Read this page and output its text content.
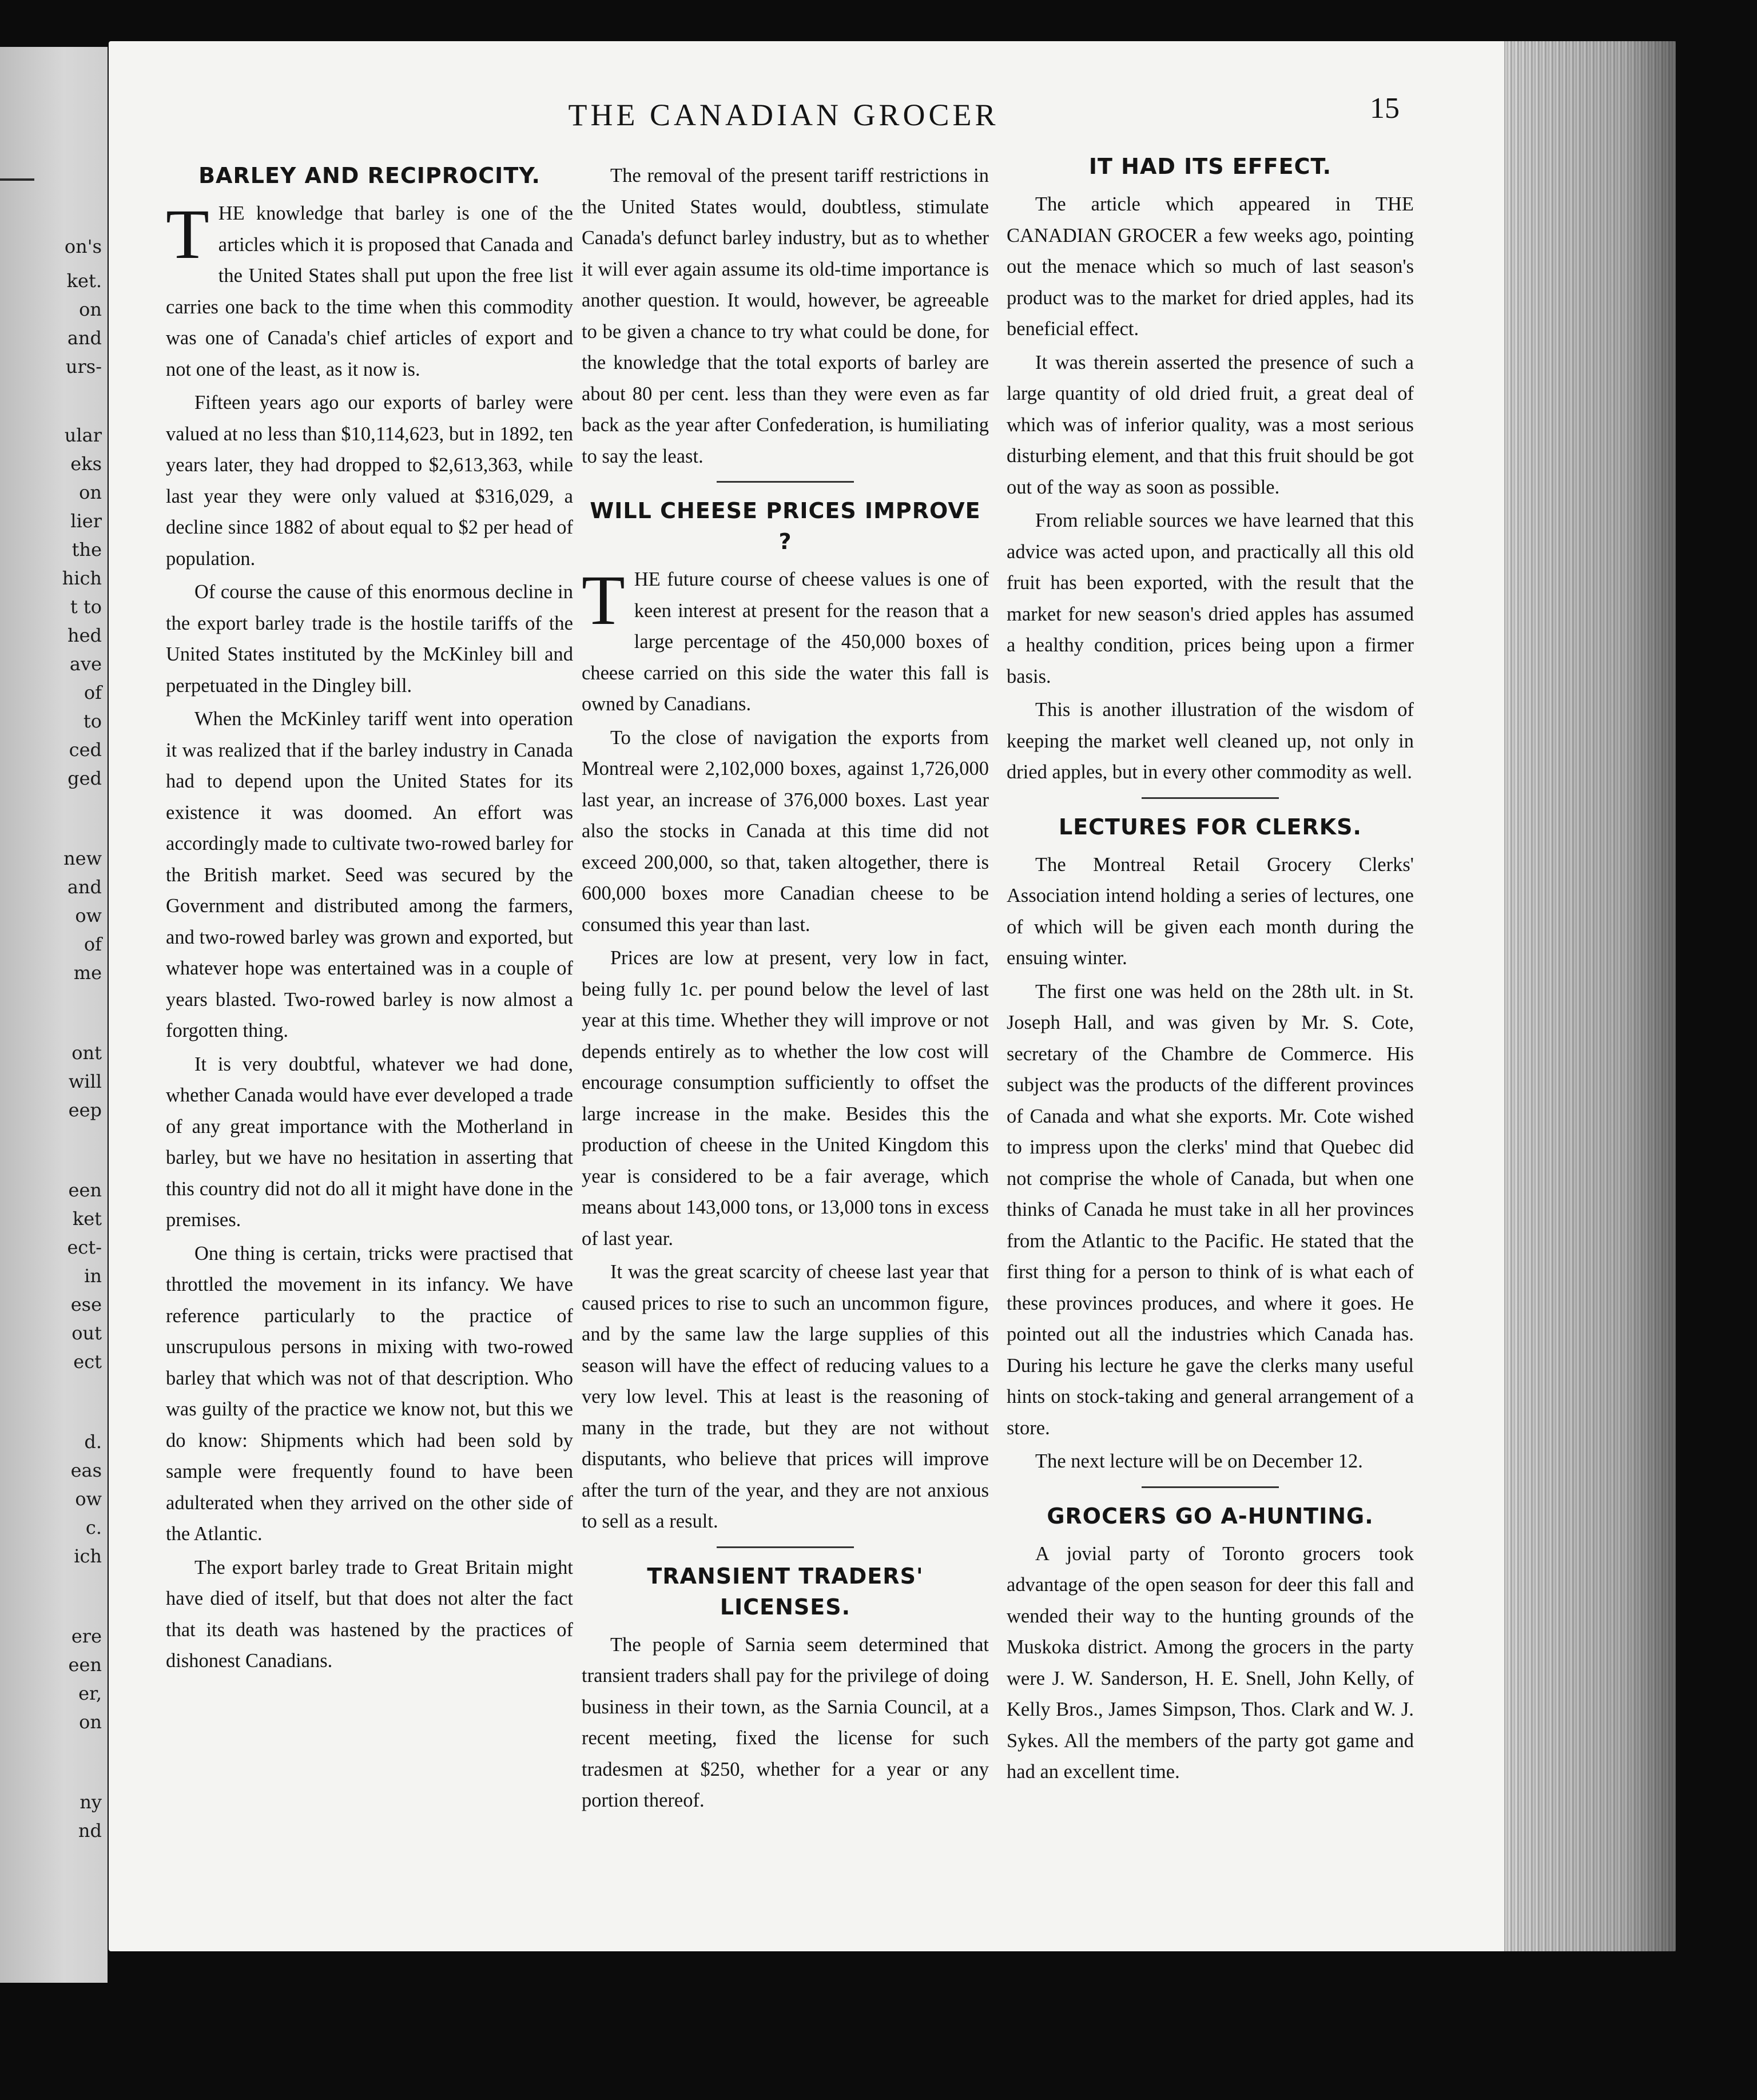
on's
ket.
on
and
urs-
ular
eks
on
lier
the
hich
t to
hed
ave
of
to
ced
ged
new
and
ow
of
me
ont
will
eep
een
ket
ect-
in
ese
out
ect
d.
eas
ow
c.
ich
ere
een
er,
on
ny
nd
THE CANADIAN GROCER	15
BARLEY AND RECIPROCITY.

THE knowledge that barley is one of the articles which it is proposed that Canada and the United States shall put upon the free list carries one back to the time when this commodity was one of Canada's chief articles of export and not one of the least, as it now is.

Fifteen years ago our exports of barley were valued at no less than $10,114,623, but in 1892, ten years later, they had dropped to $2,613,363, while last year they were only valued at $316,029, a decline since 1882 of about equal to $2 per head of population.

Of course the cause of this enormous decline in the export barley trade is the hostile tariffs of the United States instituted by the McKinley bill and perpetuated in the Dingley bill.

When the McKinley tariff went into operation it was realized that if the barley industry in Canada had to depend upon the United States for its existence it was doomed. An effort was accordingly made to cultivate two-rowed barley for the British market. Seed was secured by the Government and distributed among the farmers, and two-rowed barley was grown and exported, but whatever hope was entertained was in a couple of years blasted. Two-rowed barley is now almost a forgotten thing.

It is very doubtful, whatever we had done, whether Canada would have ever developed a trade of any great importance with the Motherland in barley, but we have no hesitation in asserting that this country did not do all it might have done in the premises.

One thing is certain, tricks were practised that throttled the movement in its infancy. We have reference particularly to the practice of unscrupulous persons in mixing with two-rowed barley that which was not of that description. Who was guilty of the practice we know not, but this we do know: Shipments which had been sold by sample were frequently found to have been adulterated when they arrived on the other side of the Atlantic.

The export barley trade to Great Britain might have died of itself, but that does not alter the fact that its death was hastened by the practices of dishonest Canadians.

The removal of the present tariff restrictions in the United States would, doubtless, stimulate Canada's defunct barley industry, but as to whether it will ever again assume its old-time importance is another question. It would, however, be agreeable to be given a chance to try what could be done, for the knowledge that the total exports of barley are about 80 per cent. less than they were even as far back as the year after Confederation, is humiliating to say the least.

WILL CHEESE PRICES IMPROVE ?

THE future course of cheese values is one of keen interest at present for the reason that a large percentage of the 450,000 boxes of cheese carried on this side the water this fall is owned by Canadians.

To the close of navigation the exports from Montreal were 2,102,000 boxes, against 1,726,000 last year, an increase of 376,000 boxes. Last year also the stocks in Canada at this time did not exceed 200,000, so that, taken altogether, there is 600,000 boxes more Canadian cheese to be consumed this year than last.

Prices are low at present, very low in fact, being fully 1c. per pound below the level of last year at this time. Whether they will improve or not depends entirely as to whether the low cost will encourage consumption sufficiently to offset the large increase in the make. Besides this the production of cheese in the United Kingdom this year is considered to be a fair average, which means about 143,000 tons, or 13,000 tons in excess of last year.

It was the great scarcity of cheese last year that caused prices to rise to such an uncommon figure, and by the same law the large supplies of this season will have the effect of reducing values to a very low level. This at least is the reasoning of many in the trade, but they are not without disputants, who believe that prices will improve after the turn of the year, and they are not anxious to sell as a result.

TRANSIENT TRADERS' LICENSES.

The people of Sarnia seem determined that transient traders shall pay for the privilege of doing business in their town, as the Sarnia Council, at a recent meeting, fixed the license for such tradesmen at $250, whether for a year or any portion thereof.

IT HAD ITS EFFECT.

The article which appeared in THE CANADIAN GROCER a few weeks ago, pointing out the menace which so much of last season's product was to the market for dried apples, had its beneficial effect.

It was therein asserted the presence of such a large quantity of old dried fruit, a great deal of which was of inferior quality, was a most serious disturbing element, and that this fruit should be got out of the way as soon as possible.

From reliable sources we have learned that this advice was acted upon, and practically all this old fruit has been exported, with the result that the market for new season's dried apples has assumed a healthy condition, prices being upon a firmer basis.

This is another illustration of the wisdom of keeping the market well cleaned up, not only in dried apples, but in every other commodity as well.

LECTURES FOR CLERKS.

The Montreal Retail Grocery Clerks' Association intend holding a series of lectures, one of which will be given each month during the ensuing winter.

The first one was held on the 28th ult. in St. Joseph Hall, and was given by Mr. S. Cote, secretary of the Chambre de Commerce. His subject was the products of the different provinces of Canada and what she exports. Mr. Cote wished to impress upon the clerks' mind that Quebec did not comprise the whole of Canada, but when one thinks of Canada he must take in all her provinces from the Atlantic to the Pacific. He stated that the first thing for a person to think of is what each of these provinces produces, and where it goes. He pointed out all the industries which Canada has. During his lecture he gave the clerks many useful hints on stock-taking and general arrangement of a store.

The next lecture will be on December 12.

GROCERS GO A-HUNTING.

A jovial party of Toronto grocers took advantage of the open season for deer this fall and wended their way to the hunting grounds of the Muskoka district. Among the grocers in the party were J. W. Sanderson, H. E. Snell, John Kelly, of Kelly Bros., James Simpson, Thos. Clark and W. J. Sykes. All the members of the party got game and had an excellent time.
